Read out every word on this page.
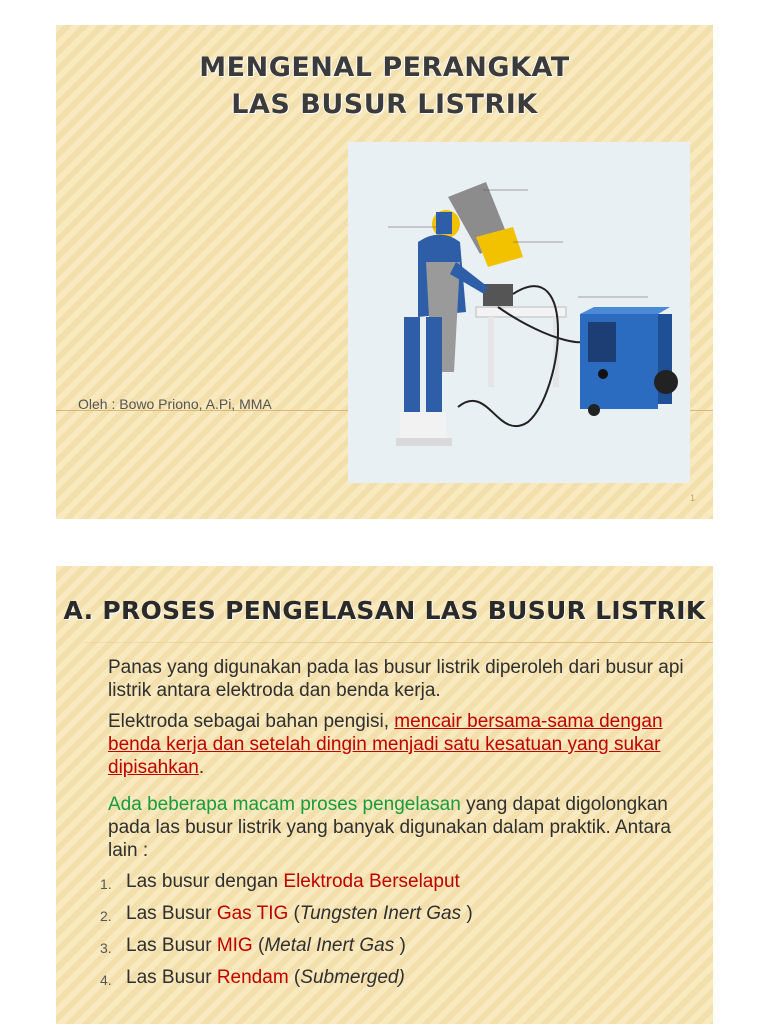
MENGENAL PERANGKAT
LAS BUSUR LISTRIK
Oleh : Bowo Priono, A.Pi, MMA
1
A. PROSES PENGELASAN LAS BUSUR LISTRIK

Panas yang digunakan pada las busur listrik diperoleh dari busur api listrik antara elektroda dan benda kerja.

Elektroda sebagai bahan pengisi, mencair bersama-sama dengan benda kerja dan setelah dingin menjadi satu kesatuan yang sukar dipisahkan.

Ada beberapa macam proses pengelasan yang dapat digolongkan pada las busur listrik yang banyak digunakan dalam praktik. Antara lain :

1. Las busur dengan Elektroda Berselaput
2. Las Busur Gas TIG (Tungsten Inert Gas )
3. Las Busur MIG (Metal Inert Gas )
4. Las Busur Rendam (Submerged)
